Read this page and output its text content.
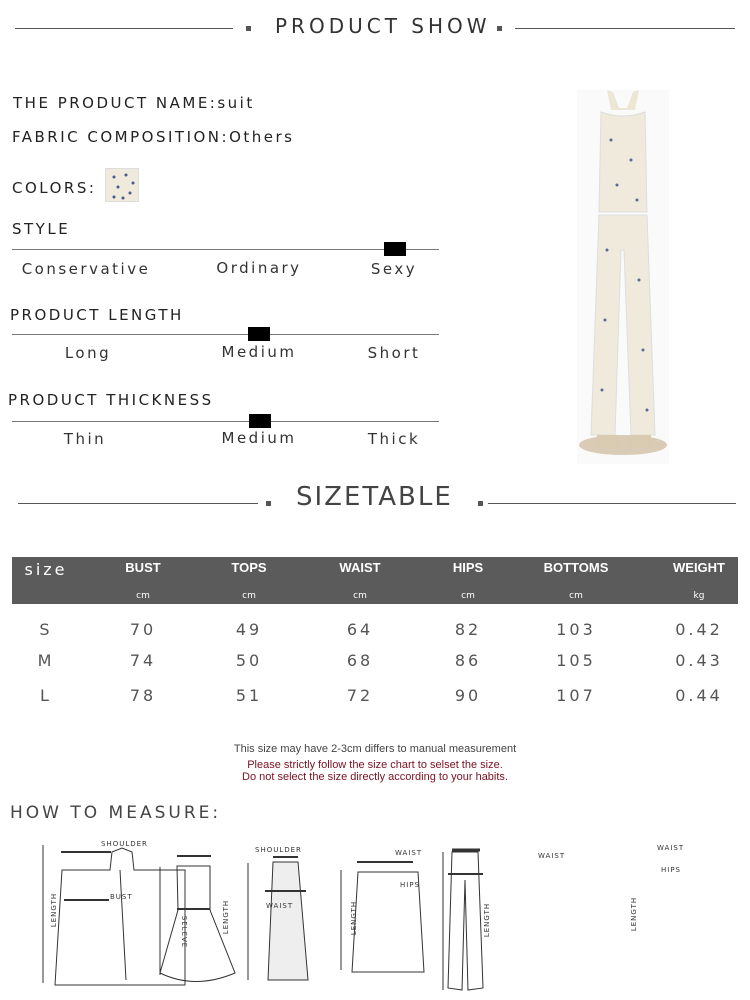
PRODUCT SHOW
THE PRODUCT NAME:suit
FABRIC COMPOSITION:Others
COLORS:
STYLE
Conservative	Ordinary	Sexy
PRODUCT LENGTH
Long	Medium	Short
PRODUCT THICKNESS
Thin	Medium	Thick
SIZETABLE
size	BUST	TOPS	WAIST	HIPS	BOTTOMS	WEIGHT
cm	cm	cm	cm	cm	kg
S	70	49	64	82	103	0.42
M	74	50	68	86	105	0.43
L	78	51	72	90	107	0.44
This size may have 2-3cm differs to manual measurement
Please strictly follow the size chart to selset the size.
Do not select the size directly according to your habits.
HOW TO MEASURE:
SHOULDER
BUST
LENGTH
SELEVE
SHOULDER
WAIST
LENGTH
WAIST
HIPS
LENGTH
WAIST
LENGTH
WAIST
HIPS
LENGTH
